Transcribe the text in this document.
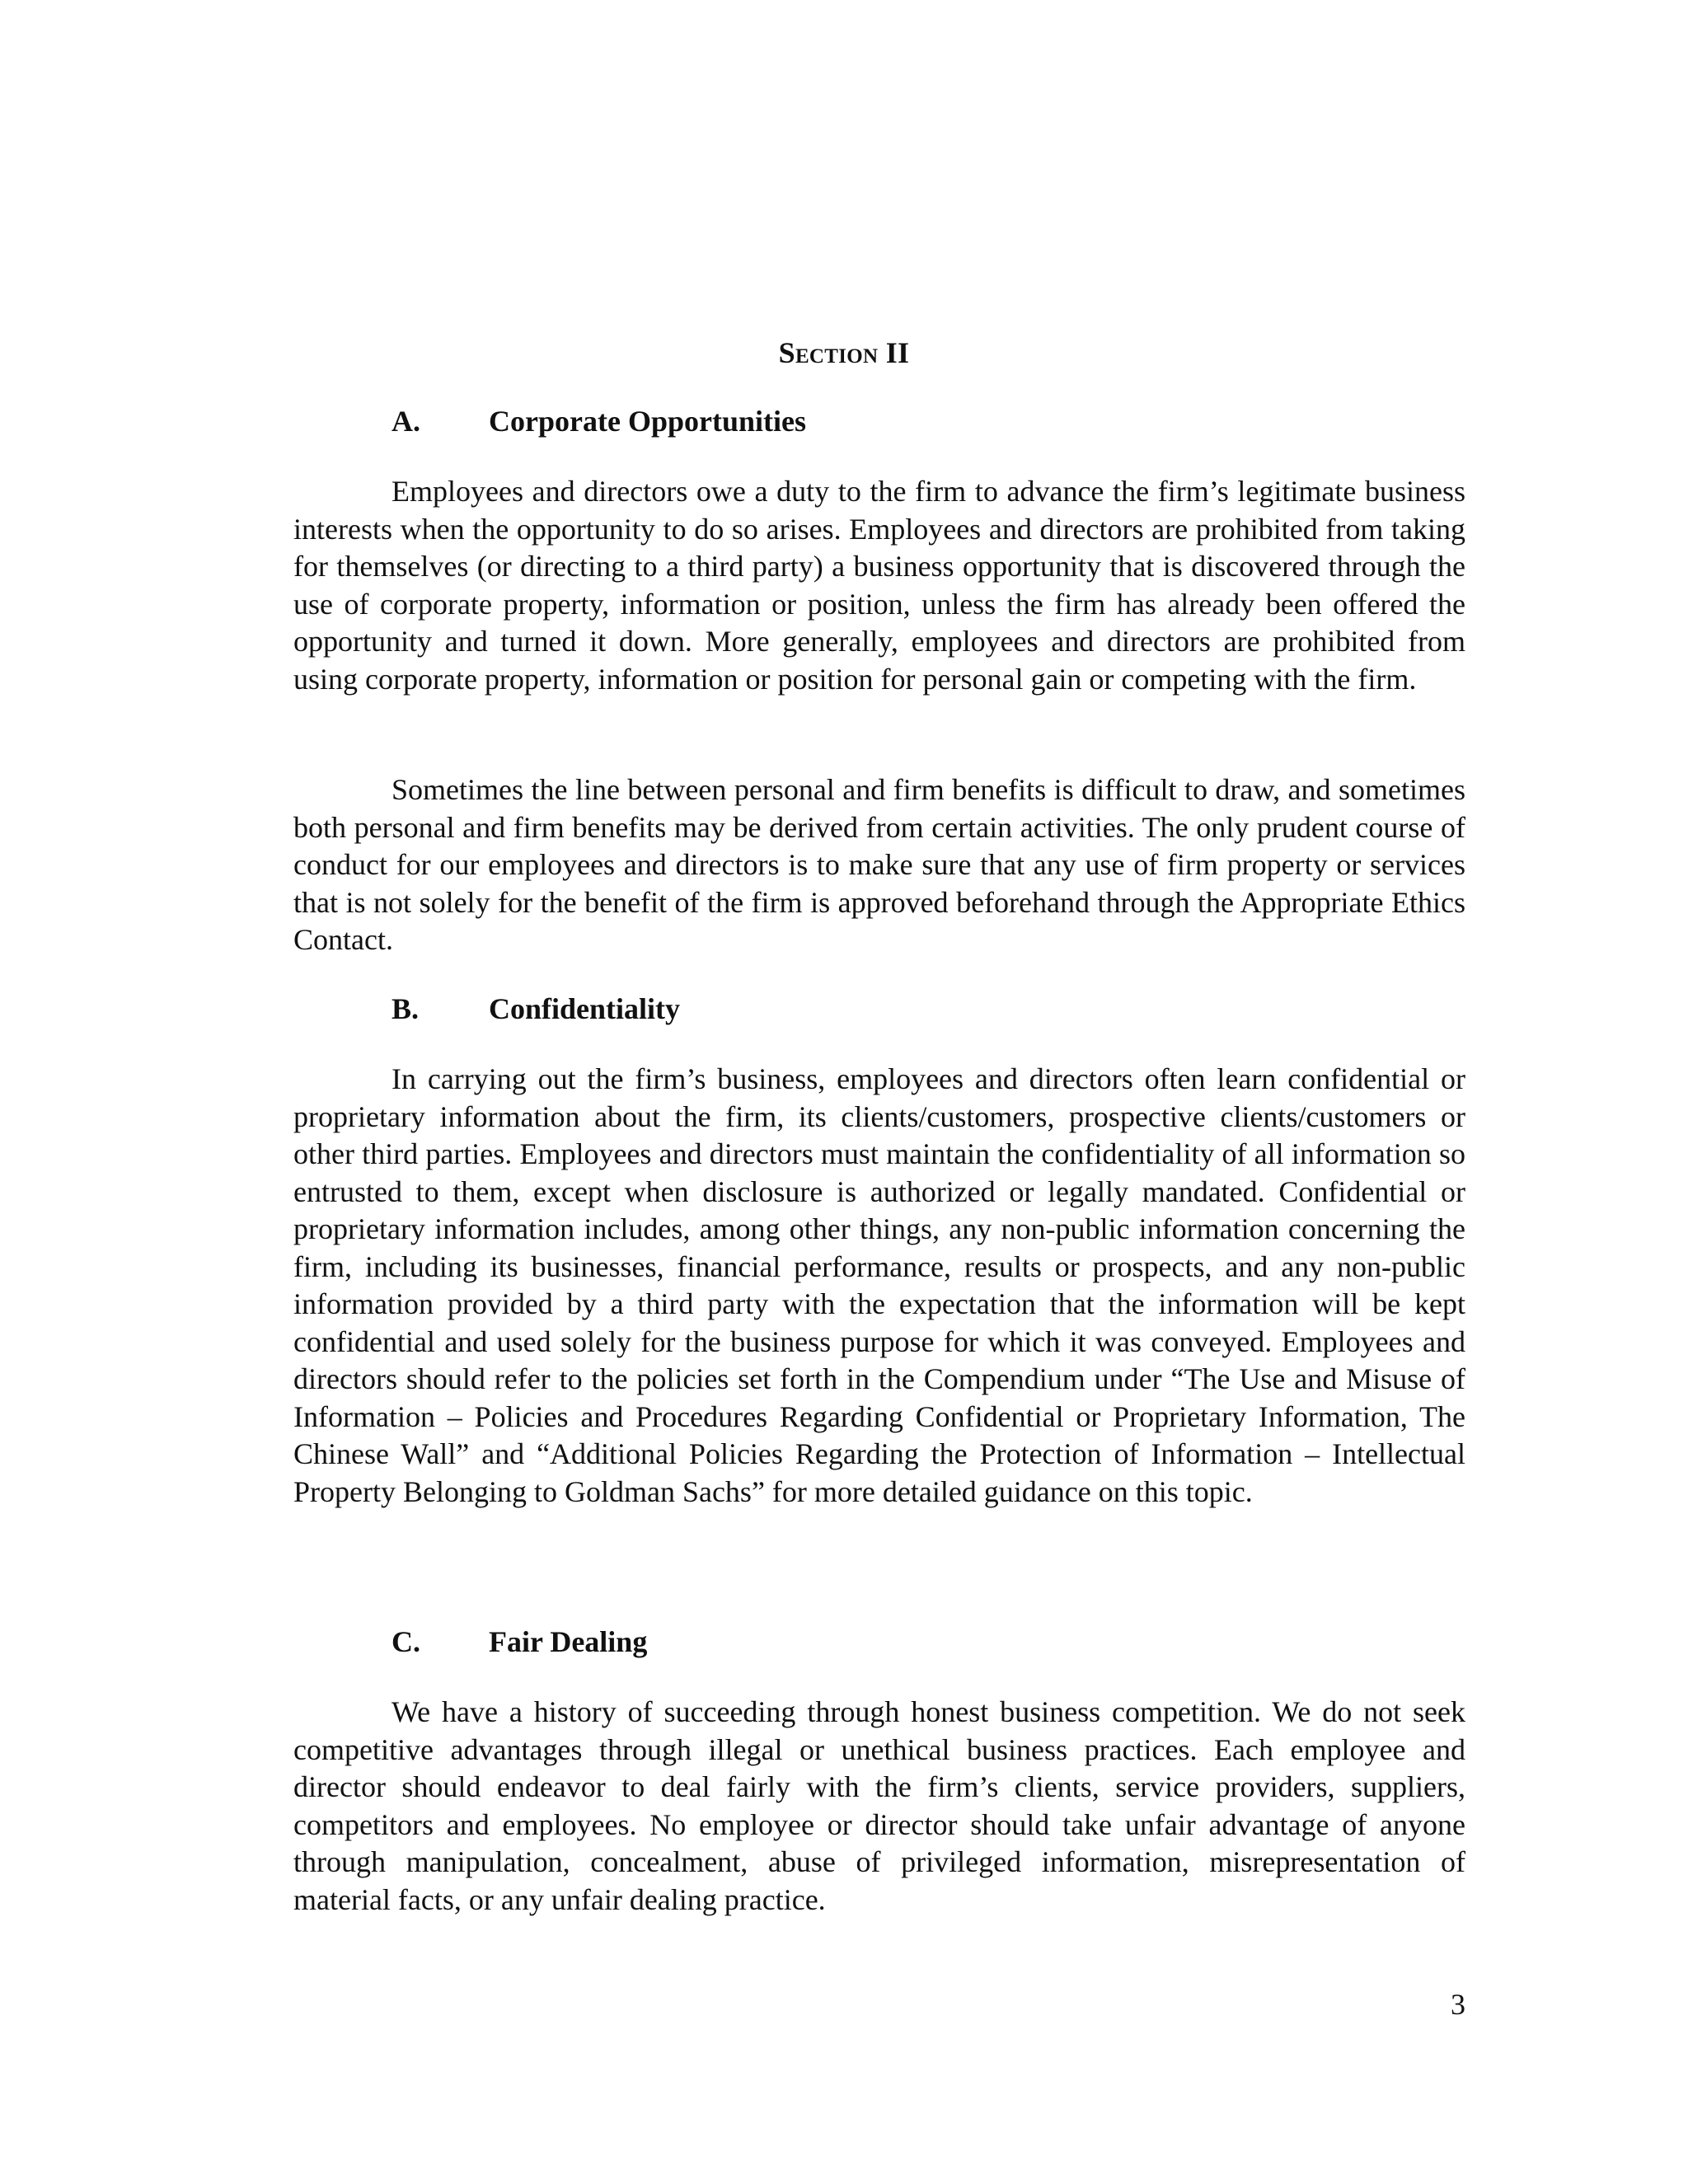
Section II
A. Corporate Opportunities

Employees and directors owe a duty to the firm to advance the firm’s legitimate business interests when the opportunity to do so arises. Employees and directors are prohibited from taking for themselves (or directing to a third party) a business opportunity that is discovered through the use of corporate property, information or position, unless the firm has already been offered the opportunity and turned it down. More generally, employees and directors are prohibited from using corporate property, information or position for personal gain or competing with the firm.

Sometimes the line between personal and firm benefits is difficult to draw, and sometimes both personal and firm benefits may be derived from certain activities. The only prudent course of conduct for our employees and directors is to make sure that any use of firm property or services that is not solely for the benefit of the firm is approved beforehand through the Appropriate Ethics Contact.

B. Confidentiality

In carrying out the firm’s business, employees and directors often learn confidential or proprietary information about the firm, its clients/customers, prospective clients/customers or other third parties. Employees and directors must maintain the confidentiality of all information so entrusted to them, except when disclosure is authorized or legally mandated. Confidential or proprietary information includes, among other things, any non-public information concerning the firm, including its businesses, financial performance, results or prospects, and any non-public information provided by a third party with the expectation that the information will be kept confidential and used solely for the business purpose for which it was conveyed. Employees and directors should refer to the policies set forth in the Compendium under “The Use and Misuse of Information – Policies and Procedures Regarding Confidential or Proprietary Information, The Chinese Wall” and “Additional Policies Regarding the Protection of Information – Intellectual Property Belonging to Goldman Sachs” for more detailed guidance on this topic.

C. Fair Dealing

We have a history of succeeding through honest business competition. We do not seek competitive advantages through illegal or unethical business practices. Each employee and director should endeavor to deal fairly with the firm’s clients, service providers, suppliers, competitors and employees. No employee or director should take unfair advantage of anyone through manipulation, concealment, abuse of privileged information, misrepresentation of material facts, or any unfair dealing practice.

3
